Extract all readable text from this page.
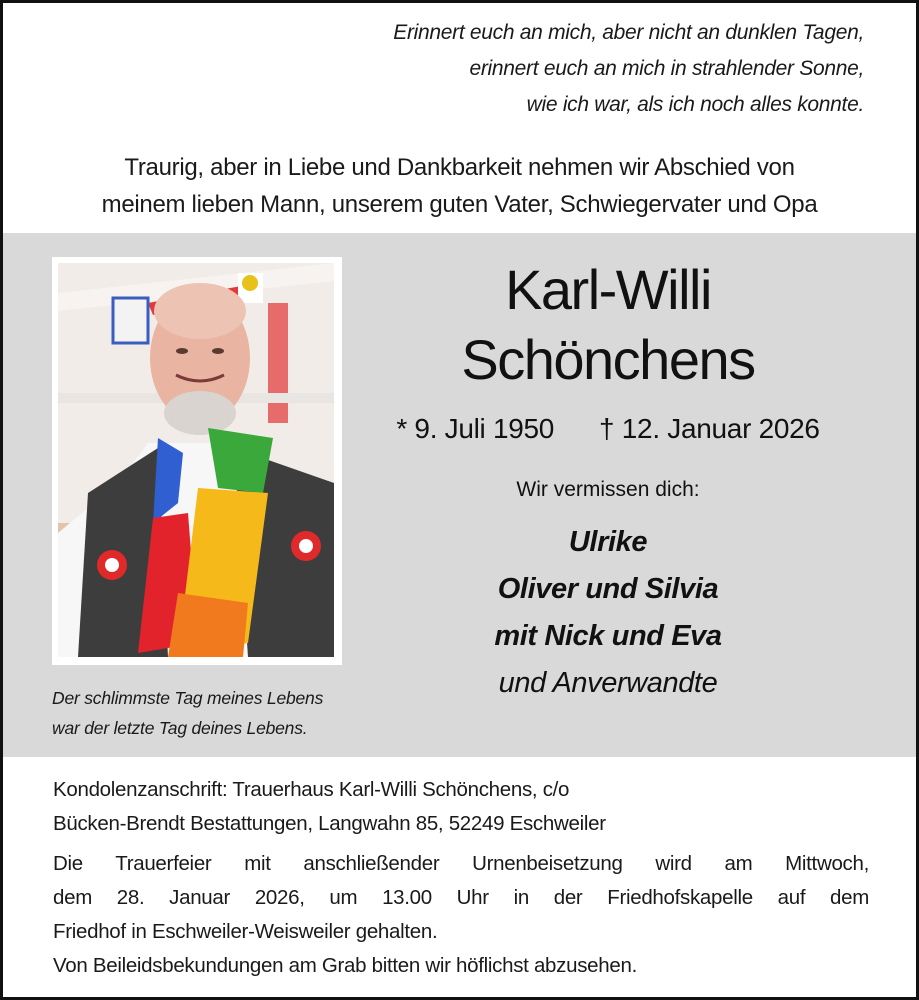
Erinnert euch an mich, aber nicht an dunklen Tagen,
erinnert euch an mich in strahlender Sonne,
wie ich war, als ich noch alles konnte.
Traurig, aber in Liebe und Dankbarkeit nehmen wir Abschied von
meinem lieben Mann, unserem guten Vater, Schwiegervater und Opa
Der schlimmste Tag meines Lebens
war der letzte Tag deines Lebens.
Karl-Willi
Schönchens
* 9. Juli 1950 † 12. Januar 2026
Wir vermissen dich:
Ulrike
Oliver und Silvia
mit Nick und Eva
und Anverwandte
Kondolenzanschrift: Trauerhaus Karl-Willi Schönchens, c/o
Bücken-Brendt Bestattungen, Langwahn 85, 52249 Eschweiler
Die Trauerfeier mit anschließender Urnenbeisetzung wird am Mittwoch,
dem 28. Januar 2026, um 13.00 Uhr in der Friedhofskapelle auf dem
Friedhof in Eschweiler-Weisweiler gehalten.
Von Beileidsbekundungen am Grab bitten wir höflichst abzusehen.
